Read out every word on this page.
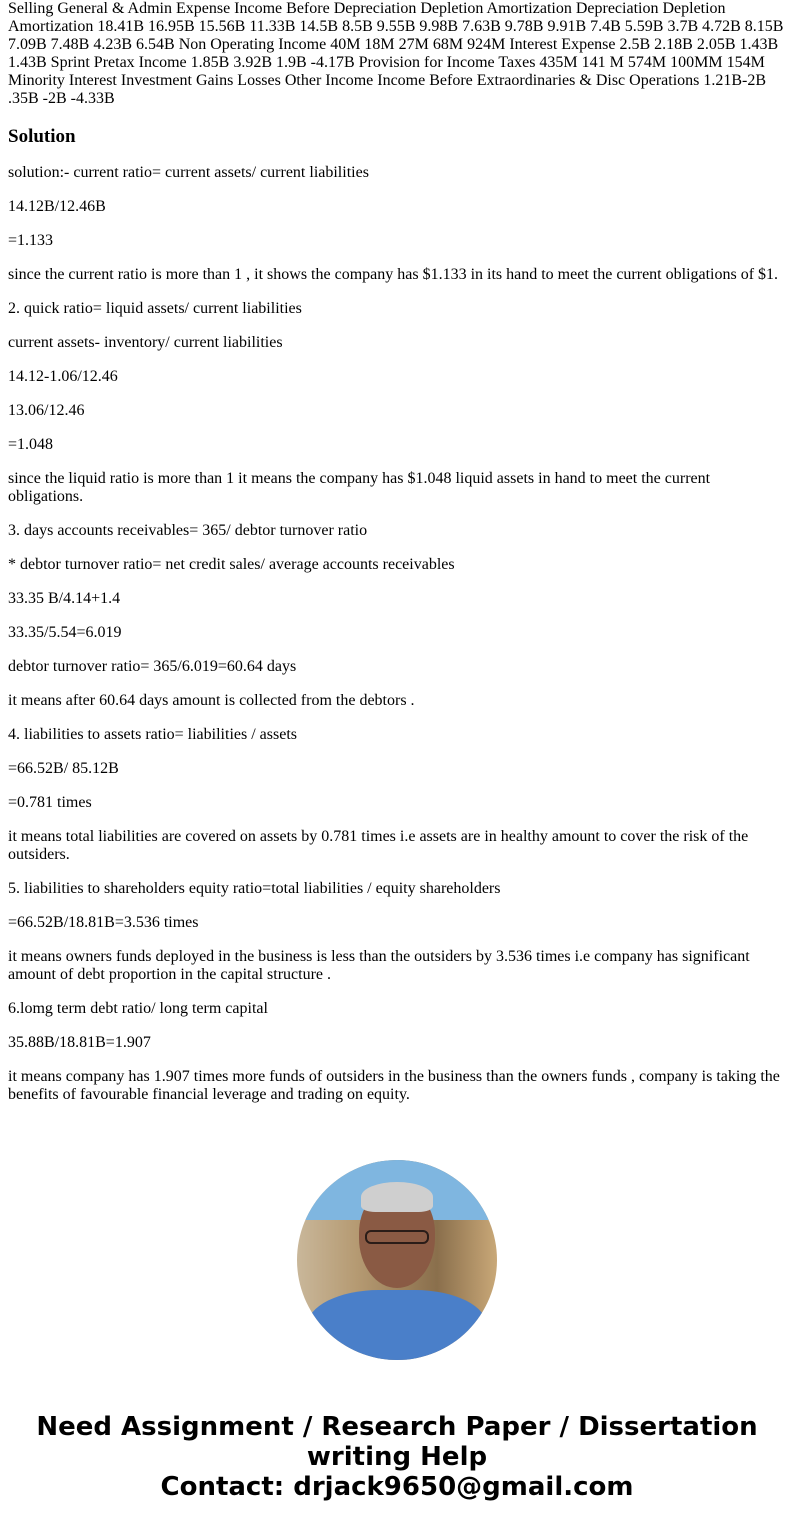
Selling General & Admin Expense Income Before Depreciation Depletion Amortization Depreciation Depletion Amortization 18.41B 16.95B 15.56B 11.33B 14.5B 8.5B 9.55B 9.98B 7.63B 9.78B 9.91B 7.4B 5.59B 3.7B 4.72B 8.15B 7.09B 7.48B 4.23B 6.54B Non Operating Income 40M 18M 27M 68M 924M Interest Expense 2.5B 2.18B 2.05B 1.43B 1.43B Sprint Pretax Income 1.85B 3.92B 1.9B -4.17B Provision for Income Taxes 435M 141 M 574M 100MM 154M Minority Interest Investment Gains Losses Other Income Income Before Extraordinaries & Disc Operations 1.21B-2B .35B -2B -4.33B
Solution

solution:- current ratio= current assets/ current liabilities

14.12B/12.46B

=1.133

since the current ratio is more than 1 , it shows the company has $1.133 in its hand to meet the current obligations of $1.

2. quick ratio= liquid assets/ current liabilities

current assets- inventory/ current liabilities

14.12-1.06/12.46

13.06/12.46

=1.048

since the liquid ratio is more than 1 it means the company has $1.048 liquid assets in hand to meet the current obligations.

3. days accounts receivables= 365/ debtor turnover ratio

* debtor turnover ratio= net credit sales/ average accounts receivables

33.35 B/4.14+1.4

33.35/5.54=6.019

debtor turnover ratio= 365/6.019=60.64 days

it means after 60.64 days amount is collected from the debtors .

4. liabilities to assets ratio= liabilities / assets

=66.52B/ 85.12B

=0.781 times

it means total liabilities are covered on assets by 0.781 times i.e assets are in healthy amount to cover the risk of the outsiders.

5. liabilities to shareholders equity ratio=total liabilities / equity shareholders

=66.52B/18.81B=3.536 times

it means owners funds deployed in the business is less than the outsiders by 3.536 times i.e company has significant amount of debt proportion in the capital structure .

6.lomg term debt ratio/ long term capital

35.88B/18.81B=1.907

it means company has 1.907 times more funds of outsiders in the business than the owners funds , company is taking the benefits of favourable financial leverage and trading on equity.

Need Assignment / Research Paper / Dissertation writing Help
Contact: drjack9650@gmail.com
